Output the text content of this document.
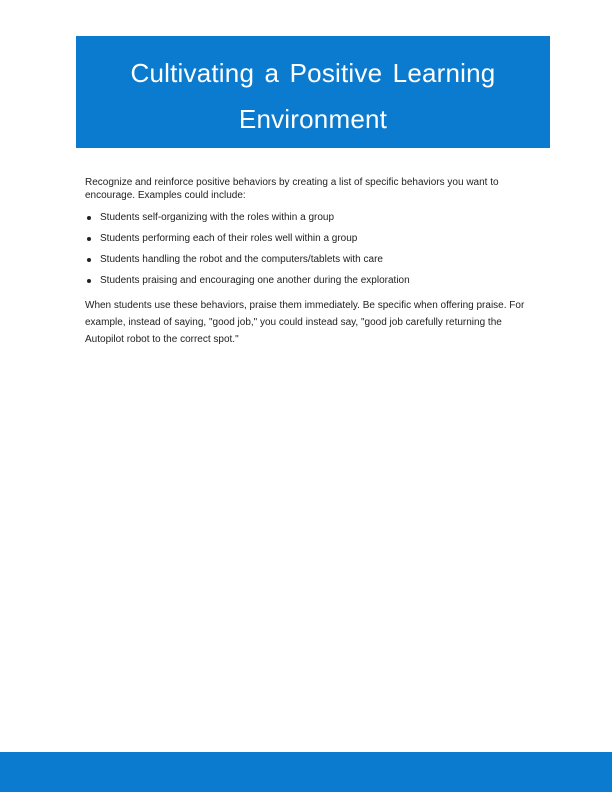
Cultivating a Positive Learning
Environment

Recognize and reinforce positive behaviors by creating a list of specific behaviors you want to encourage. Examples could include:

Students self-organizing with the roles within a group
Students performing each of their roles well within a group
Students handling the robot and the computers/tablets with care
Students praising and encouraging one another during the exploration

When students use these behaviors, praise them immediately. Be specific when offering praise. For example, instead of saying, "good job," you could instead say, "good job carefully returning the Autopilot robot to the correct spot."
